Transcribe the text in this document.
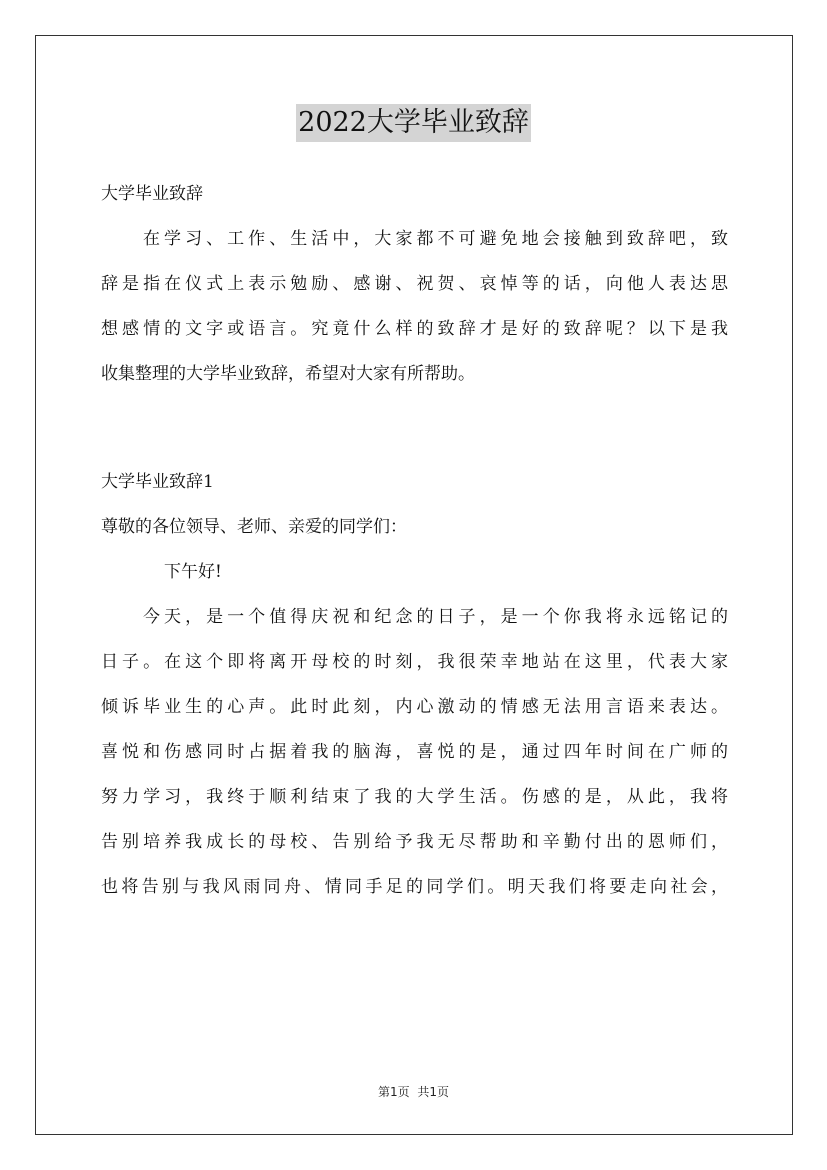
2022大学毕业致辞
大学毕业致辞
在学习、工作、生活中，大家都不可避免地会接触到致辞吧，致
辞是指在仪式上表示勉励、感谢、祝贺、哀悼等的话，向他人表达思
想感情的文字或语言。究竟什么样的致辞才是好的致辞呢？以下是我
收集整理的大学毕业致辞，希望对大家有所帮助。
大学毕业致辞1
尊敬的各位领导、老师、亲爱的同学们：
下午好!
今天，是一个值得庆祝和纪念的日子，是一个你我将永远铭记的
日子。在这个即将离开母校的时刻，我很荣幸地站在这里，代表大家
倾诉毕业生的心声。此时此刻，内心激动的情感无法用言语来表达。
喜悦和伤感同时占据着我的脑海，喜悦的是，通过四年时间在广师的
努力学习，我终于顺利结束了我的大学生活。伤感的是，从此，我将
告别培养我成长的母校、告别给予我无尽帮助和辛勤付出的恩师们，
也将告别与我风雨同舟、情同手足的同学们。明天我们将要走向社会，
第1页 共1页
